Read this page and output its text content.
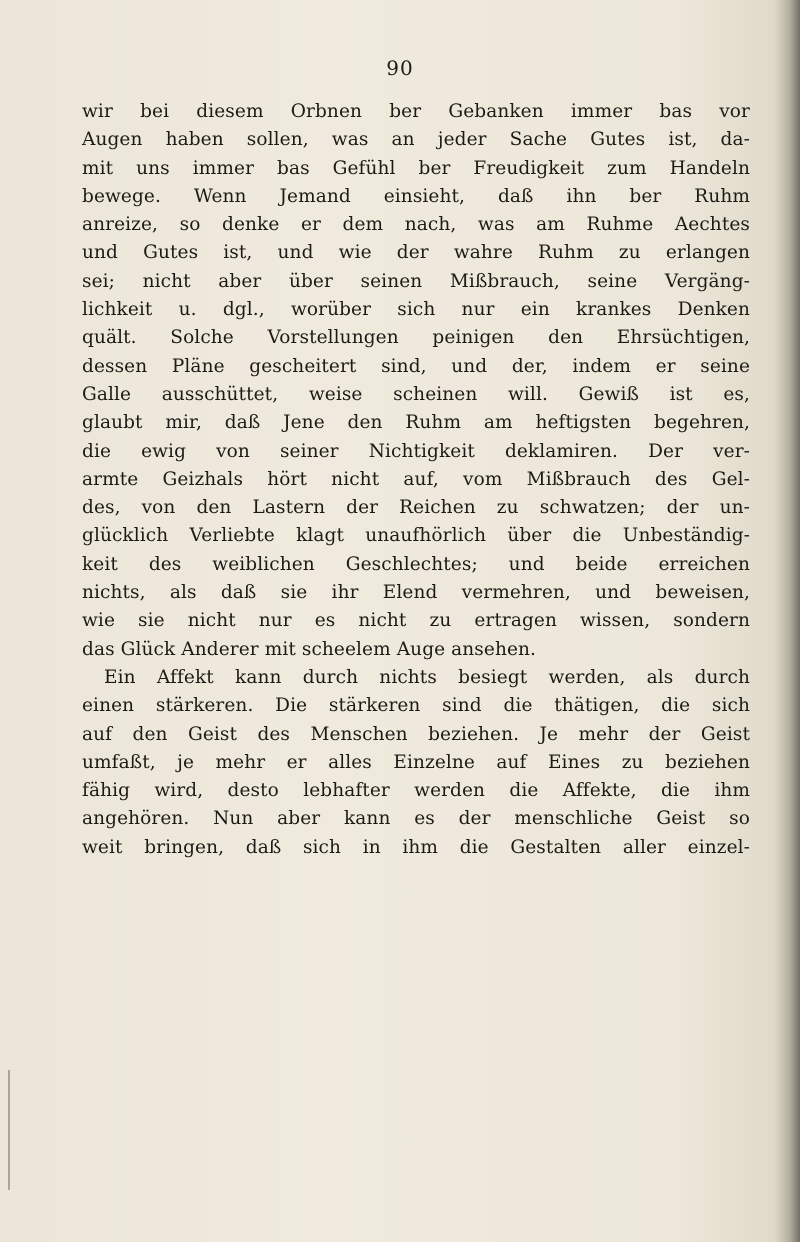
90

wir bei diesem Orbnen ber Gebanken immer bas vor
Augen haben sollen, was an jeder Sache Gutes ist, da-
mit uns immer bas Gefühl ber Freudigkeit zum Handeln
bewege. Wenn Jemand einsieht, daß ihn ber Ruhm
anreize, so denke er dem nach, was am Ruhme Aechtes
und Gutes ist, und wie der wahre Ruhm zu erlangen
sei; nicht aber über seinen Mißbrauch, seine Vergäng-
lichkeit u. dgl., worüber sich nur ein krankes Denken
quält. Solche Vorstellungen peinigen den Ehrsüchtigen,
dessen Pläne gescheitert sind, und der, indem er seine
Galle ausschüttet, weise scheinen will. Gewiß ist es,
glaubt mir, daß Jene den Ruhm am heftigsten begehren,
die ewig von seiner Nichtigkeit deklamiren. Der ver-
armte Geizhals hört nicht auf, vom Mißbrauch des Gel-
des, von den Lastern der Reichen zu schwatzen; der un-
glücklich Verliebte klagt unaufhörlich über die Unbeständig-
keit des weiblichen Geschlechtes; und beide erreichen
nichts, als daß sie ihr Elend vermehren, und beweisen,
wie sie nicht nur es nicht zu ertragen wissen, sondern
das Glück Anderer mit scheelem Auge ansehen.
Ein Affekt kann durch nichts besiegt werden, als durch
einen stärkeren. Die stärkeren sind die thätigen, die sich
auf den Geist des Menschen beziehen. Je mehr der Geist
umfaßt, je mehr er alles Einzelne auf Eines zu beziehen
fähig wird, desto lebhafter werden die Affekte, die ihm
angehören. Nun aber kann es der menschliche Geist so
weit bringen, daß sich in ihm die Gestalten aller einzel-
